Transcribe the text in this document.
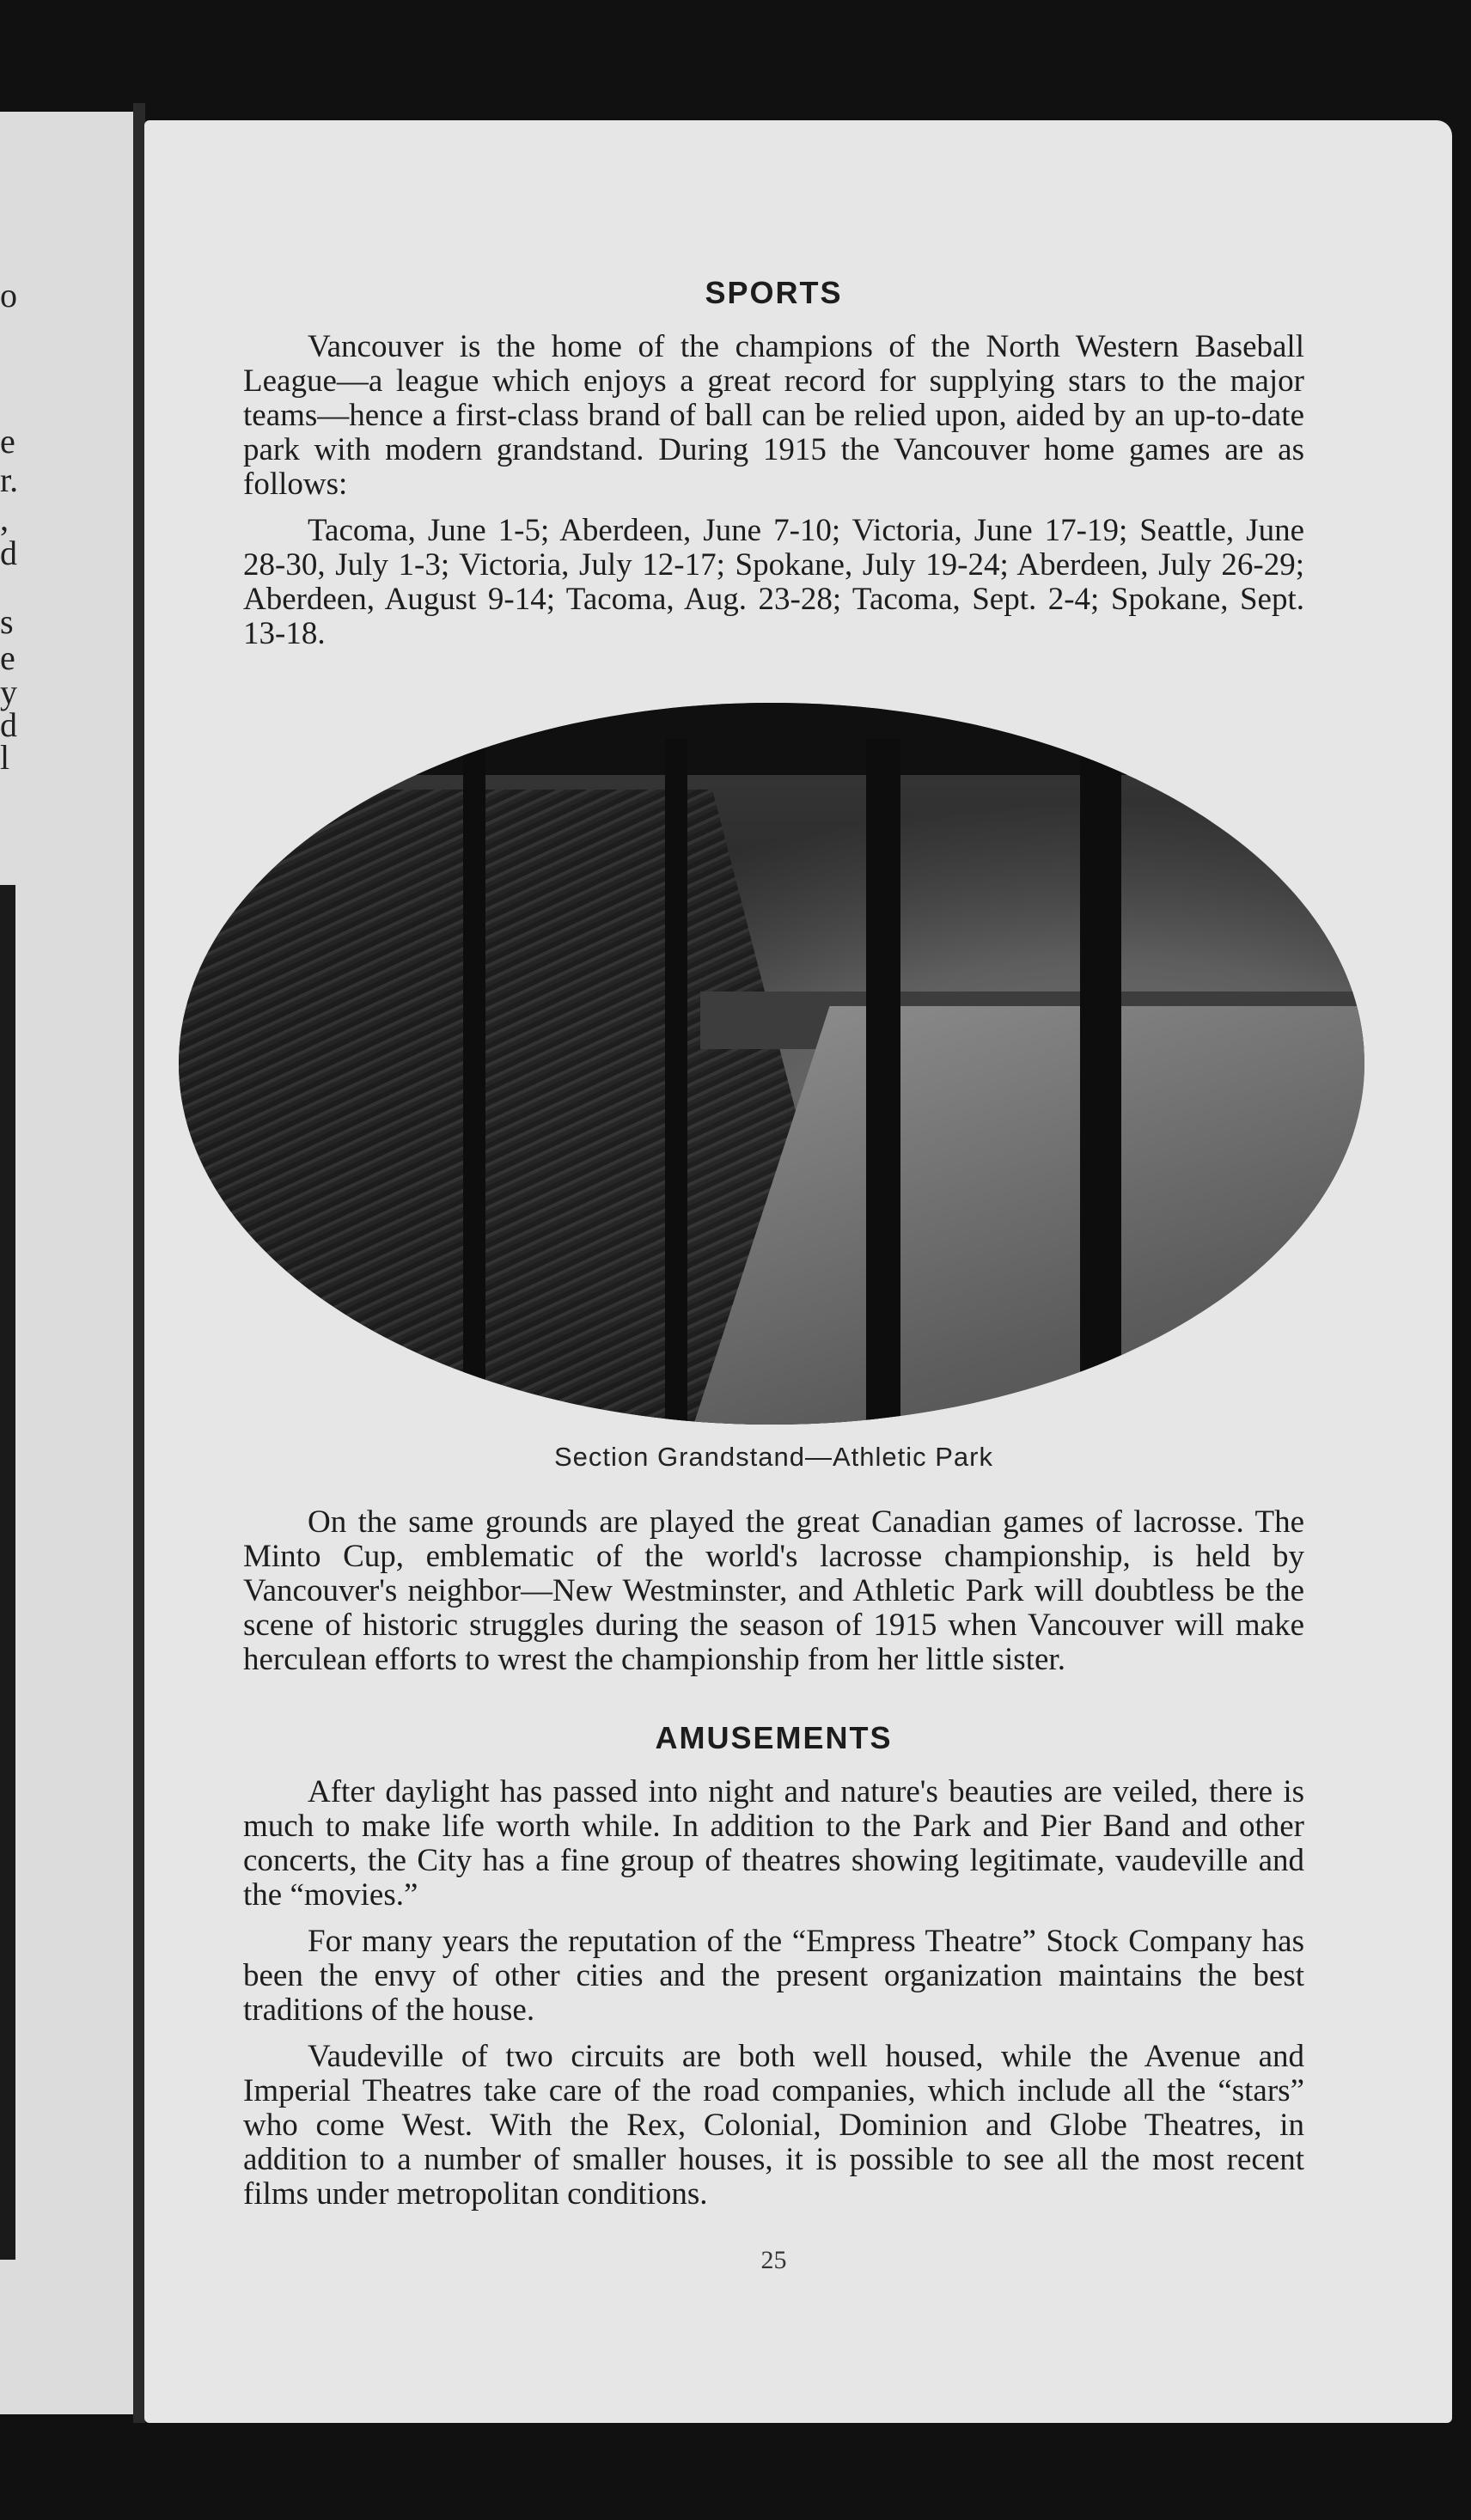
o
e
r.
,
d
s
e
y
d
l
SPORTS

Vancouver is the home of the champions of the North Western Baseball League—a league which enjoys a great record for supplying stars to the major teams—hence a first-class brand of ball can be relied upon, aided by an up-to-date park with modern grandstand. During 1915 the Vancouver home games are as follows:

Tacoma, June 1-5; Aberdeen, June 7-10; Victoria, June 17-19; Seattle, June 28-30, July 1-3; Victoria, July 12-17; Spokane, July 19-24; Aberdeen, July 26-29; Aberdeen, August 9-14; Tacoma, Aug. 23-28; Tacoma, Sept. 2-4; Spokane, Sept. 13-18.

Section Grandstand—Athletic Park

On the same grounds are played the great Canadian games of lacrosse. The Minto Cup, emblematic of the world's lacrosse championship, is held by Vancouver's neighbor—New Westminster, and Athletic Park will doubtless be the scene of historic struggles during the season of 1915 when Vancouver will make herculean efforts to wrest the championship from her little sister.

AMUSEMENTS

After daylight has passed into night and nature's beauties are veiled, there is much to make life worth while. In addition to the Park and Pier Band and other concerts, the City has a fine group of theatres showing legitimate, vaudeville and the “movies.”

For many years the reputation of the “Empress Theatre” Stock Company has been the envy of other cities and the present organization maintains the best traditions of the house.

Vaudeville of two circuits are both well housed, while the Avenue and Imperial Theatres take care of the road companies, which include all the “stars” who come West. With the Rex, Colonial, Dominion and Globe Theatres, in addition to a number of smaller houses, it is possible to see all the most recent films under metropolitan conditions.

25
